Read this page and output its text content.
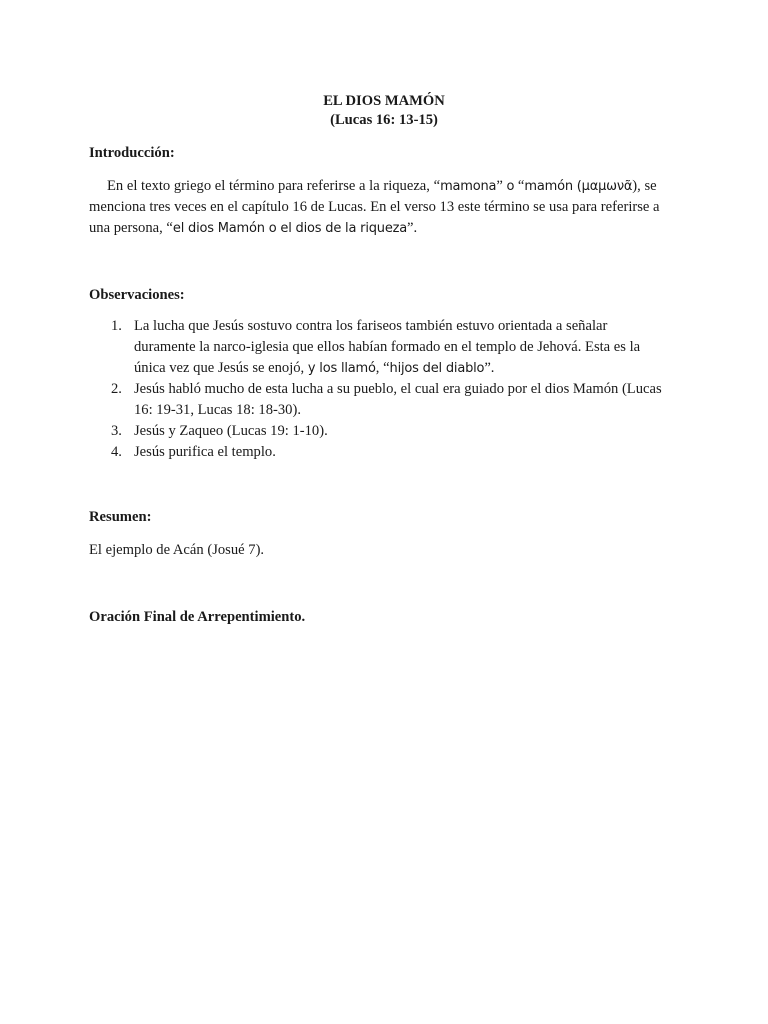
EL DIOS MAMÓN
(Lucas 16: 13-15)
Introducción:
En el texto griego el término para referirse a la riqueza, “mamona” o “mamón (μαμωνᾶ), se
menciona tres veces en el capítulo 16 de Lucas. En el verso 13 este término se usa para referirse a
una persona, “el dios Mamón o el dios de la riqueza”.
Observaciones:
1. La lucha que Jesús sostuvo contra los fariseos también estuvo orientada a señalar
duramente la narco-iglesia que ellos habían formado en el templo de Jehová. Esta es la
única vez que Jesús se enojó, y los llamó, “hijos del diablo”.
2. Jesús habló mucho de esta lucha a su pueblo, el cual era guiado por el dios Mamón (Lucas
16: 19-31, Lucas 18: 18-30).
3. Jesús y Zaqueo (Lucas 19: 1-10).
4. Jesús purifica el templo.
Resumen:
El ejemplo de Acán (Josué 7).
Oración Final de Arrepentimiento.
